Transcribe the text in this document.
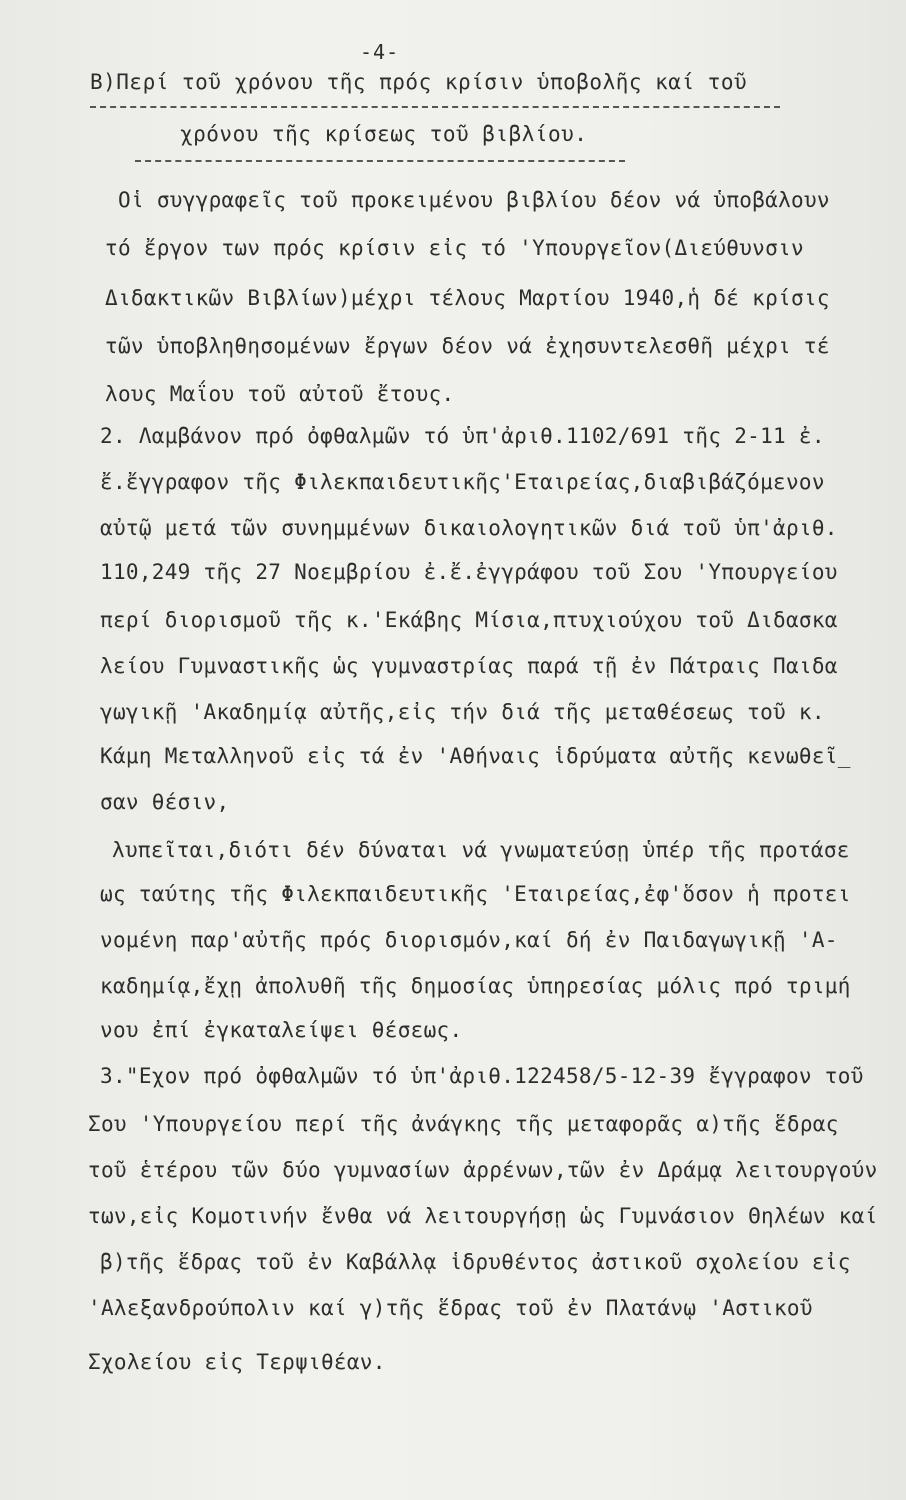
-4-
Β)Περί τοῦ χρόνου τῆς πρός κρίσιν ὑποβολῆς καί τοῦ
χρόνου τῆς κρίσεως τοῦ βιβλίου.
Οἱ συγγραφεῖς τοῦ προκειμένου βιβλίου δέον νά ὑποβάλουν
τό ἔργον των πρός κρίσιν εἰς τό 'Υπουργεῖον(Διεύθυνσιν
Διδακτικῶν Βιβλίων)μέχρι τέλους Μαρτίου 1940,ἡ δέ κρίσις
τῶν ὑποβληθησομένων ἔργων δέον νά ἐχησυντελεσθῆ μέχρι τέ
λους Μαΐου τοῦ αὐτοῦ ἔτους.
2. Λαμβάνον πρό ὀφθαλμῶν τό ὑπ'ἀριθ.1102/691 τῆς 2-11 ἐ.
ἔ.ἔγγραφον τῆς Φιλεκπαιδευτικῆς'Εταιρείας,διαβιβάζόμενον
αὐτῷ μετά τῶν συνημμένων δικαιολογητικῶν διά τοῦ ὑπ'ἀριθ.
110,249 τῆς 27 Νοεμβρίου ἐ.ἔ.ἐγγράφου τοῦ Σου 'Υπουργείου
περί διορισμοῦ τῆς κ.'Εκάβης Μίσια,πτυχιούχου τοῦ Διδασκα
λείου Γυμναστικῆς ὡς γυμναστρίας παρά τῇ ἐν Πάτραις Παιδα
γωγικῇ 'Ακαδημίᾳ αὐτῆς,εἰς τήν διά τῆς μεταθέσεως τοῦ κ.
Κάμη Μεταλληνοῦ εἰς τά ἐν 'Αθήναις ἱδρύματα αὐτῆς κενωθεῖ_
σαν θέσιν,
λυπεῖται,διότι δέν δύναται νά γνωματεύσῃ ὑπέρ τῆς προτάσε
ως ταύτης τῆς Φιλεκπαιδευτικῆς 'Εταιρείας,ἐφ'ὅσον ἡ προτει
νομένη παρ'αὐτῆς πρός διορισμόν,καί δή ἐν Παιδαγωγικῇ 'Α-
καδημίᾳ,ἔχῃ ἀπολυθῆ τῆς δημοσίας ὑπηρεσίας μόλις πρό τριμή
νου ἐπί ἐγκαταλείψει θέσεως.
3."Εχον πρό ὀφθαλμῶν τό ὑπ'ἀριθ.122458/5-12-39 ἔγγραφον τοῦ
Σου 'Υπουργείου περί τῆς ἀνάγκης τῆς μεταφορᾶς α)τῆς ἕδρας
τοῦ ἑτέρου τῶν δύο γυμνασίων ἀρρένων,τῶν ἐν Δράμᾳ λειτουργούν
των,εἰς Κομοτινήν ἔνθα νά λειτουργήσῃ ὡς Γυμνάσιον Θηλέων καί
β)τῆς ἕδρας τοῦ ἐν Καβάλλᾳ ἱδρυθέντος ἀστικοῦ σχολείου εἰς
'Αλεξανδρούπολιν καί γ)τῆς ἕδρας τοῦ ἐν Πλατάνῳ 'Αστικοῦ
Σχολείου εἰς Τερψιθέαν.
